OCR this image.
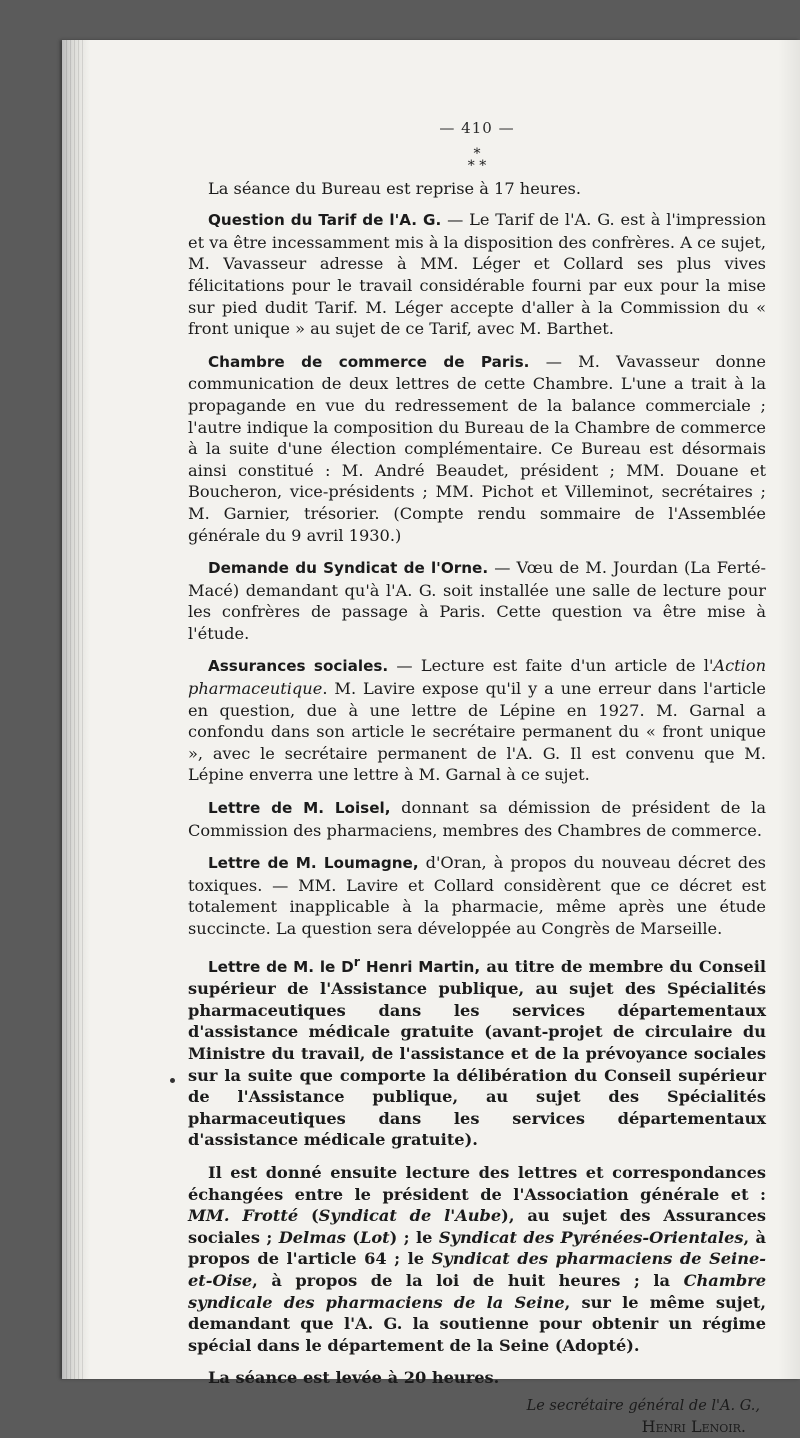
— 410 —
*
* *

La séance du Bureau est reprise à 17 heures.

Question du Tarif de l'A. G. — Le Tarif de l'A. G. est à l'impression et va être incessamment mis à la disposition des confrères. A ce sujet, M. Vavasseur adresse à MM. Léger et Collard ses plus vives félicitations pour le travail considérable fourni par eux pour la mise sur pied dudit Tarif. M. Léger accepte d'aller à la Commission du « front unique » au sujet de ce Tarif, avec M. Barthet.

Chambre de commerce de Paris. — M. Vavasseur donne communication de deux lettres de cette Chambre. L'une a trait à la propagande en vue du redressement de la balance commerciale ; l'autre indique la composition du Bureau de la Chambre de commerce à la suite d'une élection complémentaire. Ce Bureau est désormais ainsi constitué : M. André Beaudet, président ; MM. Douane et Boucheron, vice-présidents ; MM. Pichot et Villeminot, secrétaires ; M. Garnier, trésorier. (Compte rendu sommaire de l'Assemblée générale du 9 avril 1930.)

Demande du Syndicat de l'Orne. — Vœu de M. Jourdan (La Ferté-Macé) demandant qu'à l'A. G. soit installée une salle de lecture pour les confrères de passage à Paris. Cette question va être mise à l'étude.

Assurances sociales. — Lecture est faite d'un article de l'Action pharmaceutique. M. Lavire expose qu'il y a une erreur dans l'article en question, due à une lettre de Lépine en 1927. M. Garnal a confondu dans son article le secrétaire permanent du « front unique », avec le secrétaire permanent de l'A. G. Il est convenu que M. Lépine enverra une lettre à M. Garnal à ce sujet.

Lettre de M. Loisel, donnant sa démission de président de la Commission des pharmaciens, membres des Chambres de commerce.

Lettre de M. Loumagne, d'Oran, à propos du nouveau décret des toxiques. — MM. Lavire et Collard considèrent que ce décret est totalement inapplicable à la pharmacie, même après une étude succincte. La question sera développée au Congrès de Marseille.

Lettre de M. le $D^r$ Henri Martin, au titre de membre du Conseil supérieur de l'Assistance publique, au sujet des Spécialités pharmaceutiques dans les services départementaux d'assistance médicale gratuite (avant-projet de circulaire du Ministre du travail, de l'assistance et de la prévoyance sociales sur la suite que comporte la délibération du Conseil supérieur de l'Assistance publique, au sujet des Spécialités pharmaceutiques dans les services départementaux d'assistance médicale gratuite).

Il est donné ensuite lecture des lettres et correspondances échangées entre le président de l'Association générale et : MM. Frotté (Syndicat de l'Aube), au sujet des Assurances sociales ; Delmas (Lot) ; le Syndicat des Pyrénées-Orientales, à propos de l'article 64 ; le Syndicat des pharmaciens de Seine-et-Oise, à propos de la loi de huit heures ; la Chambre syndicale des pharmaciens de la Seine, sur le même sujet, demandant que l'A. G. la soutienne pour obtenir un régime spécial dans le département de la Seine (Adopté).

La séance est levée à 20 heures.

Le secrétaire général de l'A. G.,
Henri Lenoir.
